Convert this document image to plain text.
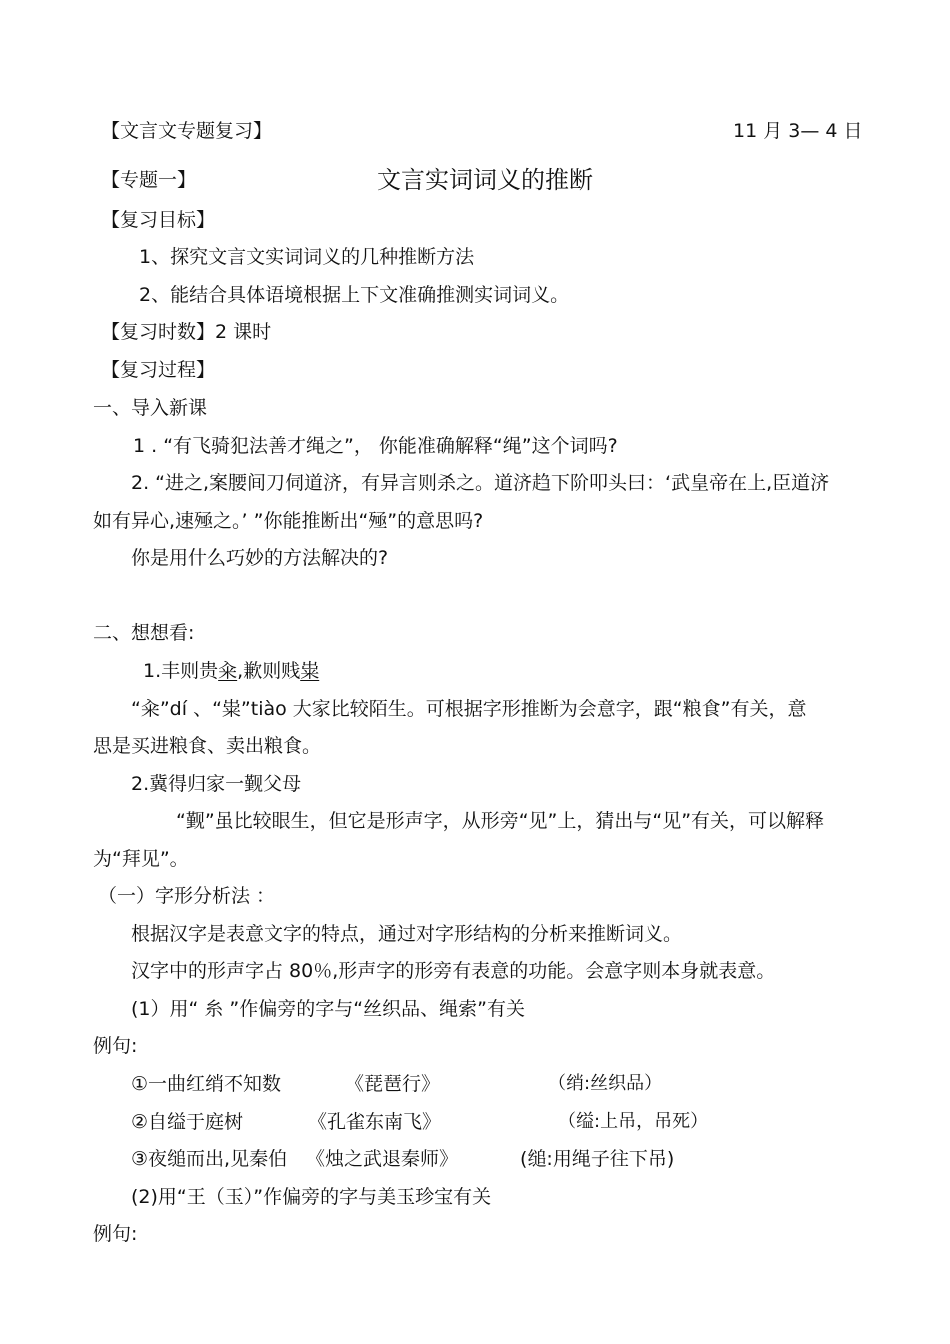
【文言文专题复习】	11 月 3— 4 日
【专题一】	文言实词词义的推断
【复习目标】
1、探究文言文实词词义的几种推断方法
2、能结合具体语境根据上下文准确推测实词词义。
【复习时数】2 课时
【复习过程】
一、导入新课
1 . “有飞骑犯法善才绳之”， 你能准确解释“绳”这个词吗?
2. “进之,案腰间刀伺道济，有异言则杀之。道济趋下阶叩头曰：‘武皇帝在上,臣道济
如有异心,速殛之。’ ”你能推断出“殛”的意思吗?
你是用什么巧妙的方法解决的?
二、想想看:
1.丰则贵籴,歉则贱粜
“籴”dí 、“粜”tiào 大家比较陌生。可根据字形推断为会意字，跟“粮食”有关，意
思是买进粮食、卖出粮食。
2.冀得归家一觐父母
“觐”虽比较眼生，但它是形声字，从形旁“见”上，猜出与“见”有关，可以解释
为“拜见”。
（一）字形分析法 ：
根据汉字是表意文字的特点，通过对字形结构的分析来推断词义。
汉字中的形声字占 80％,形声字的形旁有表意的功能。会意字则本身就表意。
(1）用“ 糸 ”作偏旁的字与“丝织品、绳索”有关
例句:
①一曲红绡不知数	《琵琶行》	（绡:丝织品）
②自缢于庭树	《孔雀东南飞》	（缢:上吊，吊死）
③夜缒而出,见秦伯 《烛之武退秦师》	(缒:用绳子往下吊)
(2)用“王（玉）”作偏旁的字与美玉珍宝有关
例句:
